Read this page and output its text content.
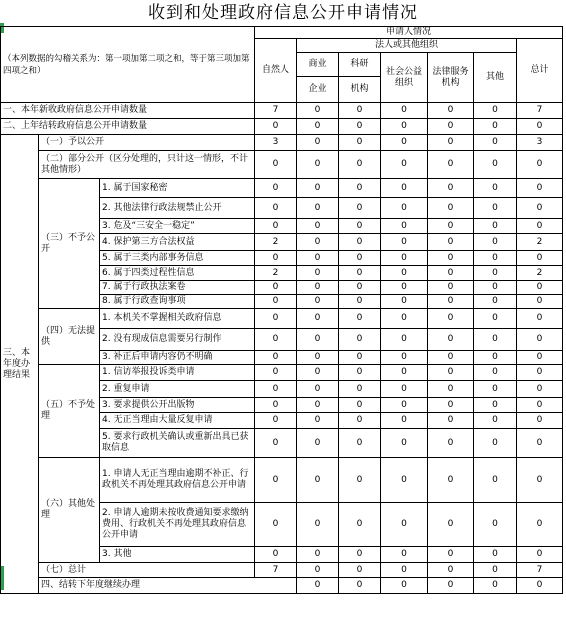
收到和处理政府信息公开申请情况
（本列数据的勾稽关系为：第一项加第二项之和，等于第三项加第四项之和）			申请人情况							
			自然人	法人或其他组织					总计	
				商业	科研	社会公益组织	法律服务机构	其他		
				企业	机构					
一、本年新收政府信息公开申请数量			7	0	0	0	0	0	7	
二、上年结转政府信息公开申请数量			0	0	0	0	0	0	0	
三、本年度办理结果	（一）予以公开		3	0	0	0	0	0	3	
	（二）部分公开（区分处理的，只计这一情形，不计其他情形）		0	0	0	0	0	0	0	
	（三）不予公开	1. 属于国家秘密	0	0	0	0	0	0	0	
		2. 其他法律行政法规禁止公开	0	0	0	0	0	0	0	
		3. 危及“三安全一稳定”	0	0	0	0	0	0	0	
		4. 保护第三方合法权益	2	0	0	0	0	0	2	
		5. 属于三类内部事务信息	0	0	0	0	0	0	0	
		6. 属于四类过程性信息	2	0	0	0	0	0	2	
		7. 属于行政执法案卷	0	0	0	0	0	0	0	
		8. 属于行政查询事项	0	0	0	0	0	0	0	
	（四）无法提供	1. 本机关不掌握相关政府信息	0	0	0	0	0	0	0	
		2. 没有现成信息需要另行制作	0	0	0	0	0	0	0	
		3. 补正后申请内容仍不明确	0	0	0	0	0	0	0	
	（五）不予处理	1. 信访举报投诉类申请	0	0	0	0	0	0	0	
		2. 重复申请	0	0	0	0	0	0	0	
		3. 要求提供公开出版物	0	0	0	0	0	0	0	
		4. 无正当理由大量反复申请	0	0	0	0	0	0	0	
		5. 要求行政机关确认或重新出具已获取信息	0	0	0	0	0	0	0	
	（六）其他处理	1. 申请人无正当理由逾期不补正、行政机关不再处理其政府信息公开申请	0	0	0	0	0	0	0	
		2. 申请人逾期未按收费通知要求缴纳费用、行政机关不再处理其政府信息公开申请	0	0	0	0	0	0	0	
		3. 其他	0	0	0	0	0	0	0	
	（七）总计		7	0	0	0	0	0	7	
	四、结转下年度继续办理			0	0	0	0	0	0	
